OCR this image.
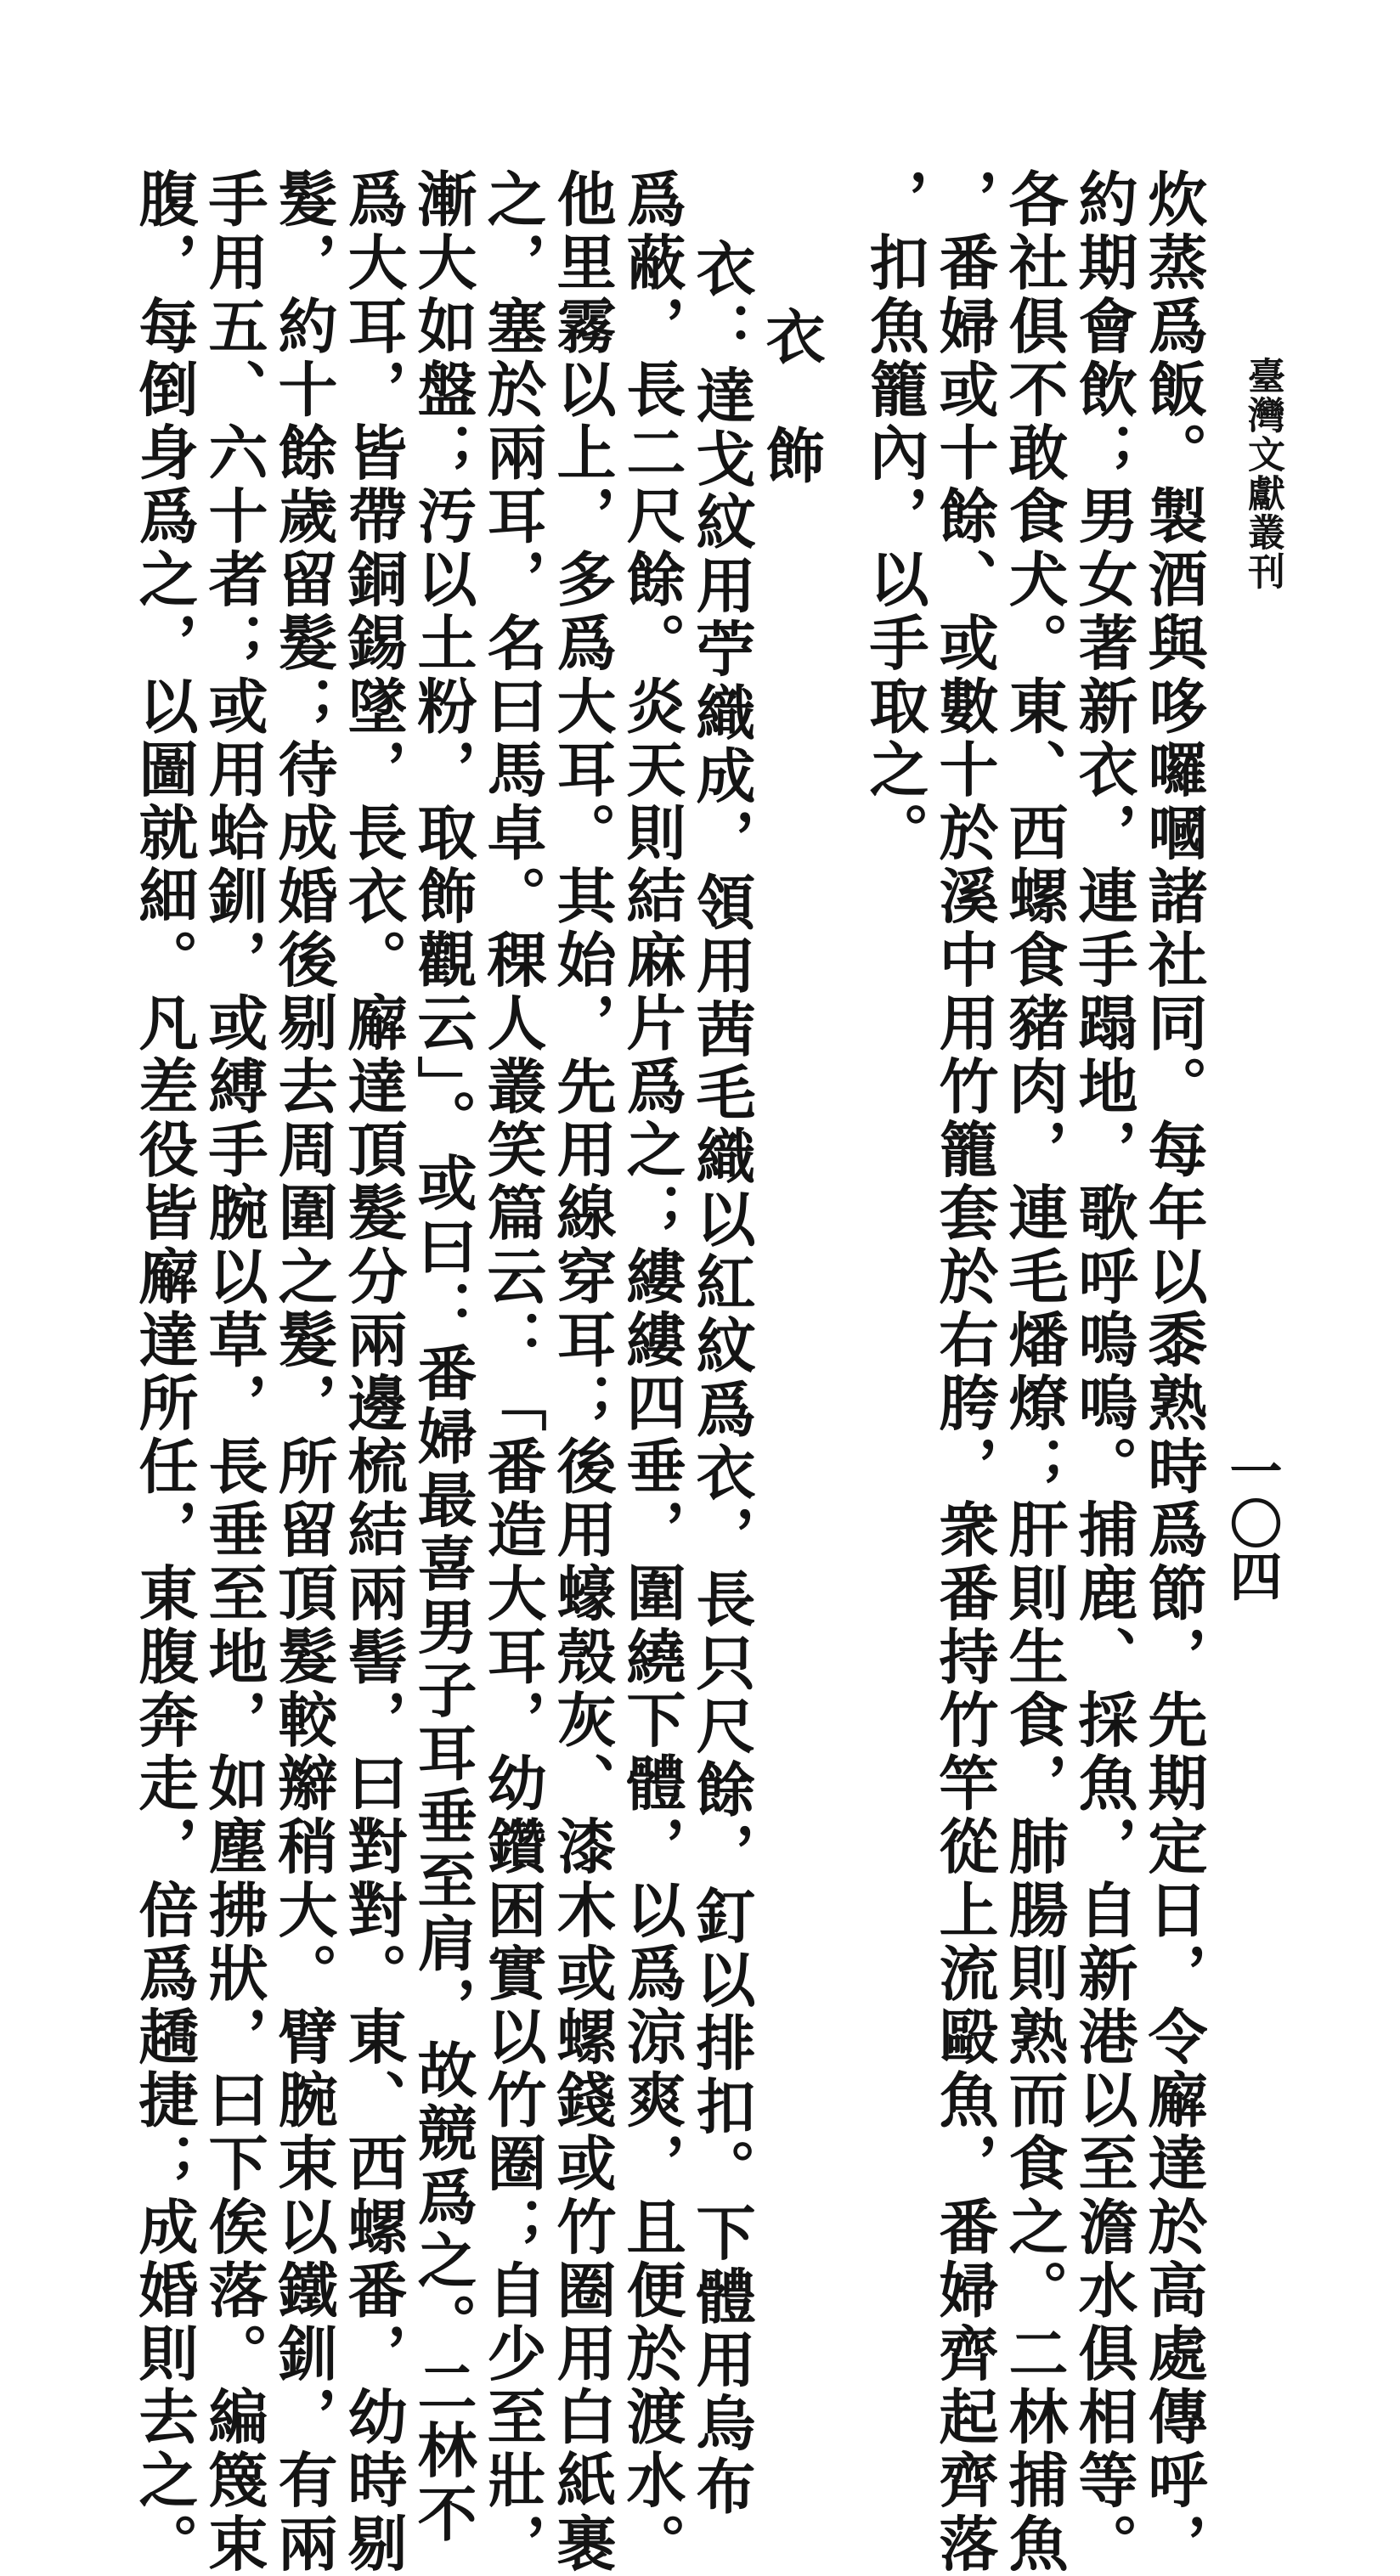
臺灣文獻叢刊
一〇四
炊蒸爲飯。製酒與哆囉嘓諸社同。每年以黍熟時爲節，先期定日，令廨達於高處傳呼，
約期會飲；男女著新衣，連手蹋地，歌呼嗚嗚。捕鹿、採魚，自新港以至澹水俱相等。
各社俱不敢食犬。東、西螺食豬肉，連毛燔燎；肝則生食，肺腸則熟而食之。二林捕魚
，番婦或十餘、或數十於溪中用竹籠套於右胯，衆番持竹竿從上流毆魚，番婦齊起齊落
，扣魚籠內，以手取之。
衣飾
衣：達戈紋用苧織成，領用茜毛織以紅紋爲衣，長只尺餘，釘以排扣。下體用烏布
爲蔽，長二尺餘。炎天則結麻片爲之；縷縷四垂，圍繞下體，以爲涼爽，且便於渡水。
他里霧以上，多爲大耳。其始，先用線穿耳；後用蠔殼灰、漆木或螺錢或竹圈用白紙裹
之，塞於兩耳，名曰馬卓。稞人叢笑篇云：「番造大耳，幼鑽困實以竹圈；自少至壯，
漸大如盤；汚以土粉，取飾觀云」。或曰：番婦最喜男子耳垂至肩，故競爲之。二林不
爲大耳，皆帶銅錫墜，長衣。廨達頂髮分兩邊梳結兩髻，曰對對。東、西螺番，幼時剔
髮，約十餘歲留髮；待成婚後剔去周圍之髮，所留頂髮較辮稍大。臂腕束以鐵釧，有兩
手用五、六十者；或用蛤釧，或縛手腕以草，長垂至地，如塵拂狀，曰下俟落。編篾束
腹，每倒身爲之，以圖就細。凡差役皆廨達所任，東腹奔走，倍爲趫捷；成婚則去之。
